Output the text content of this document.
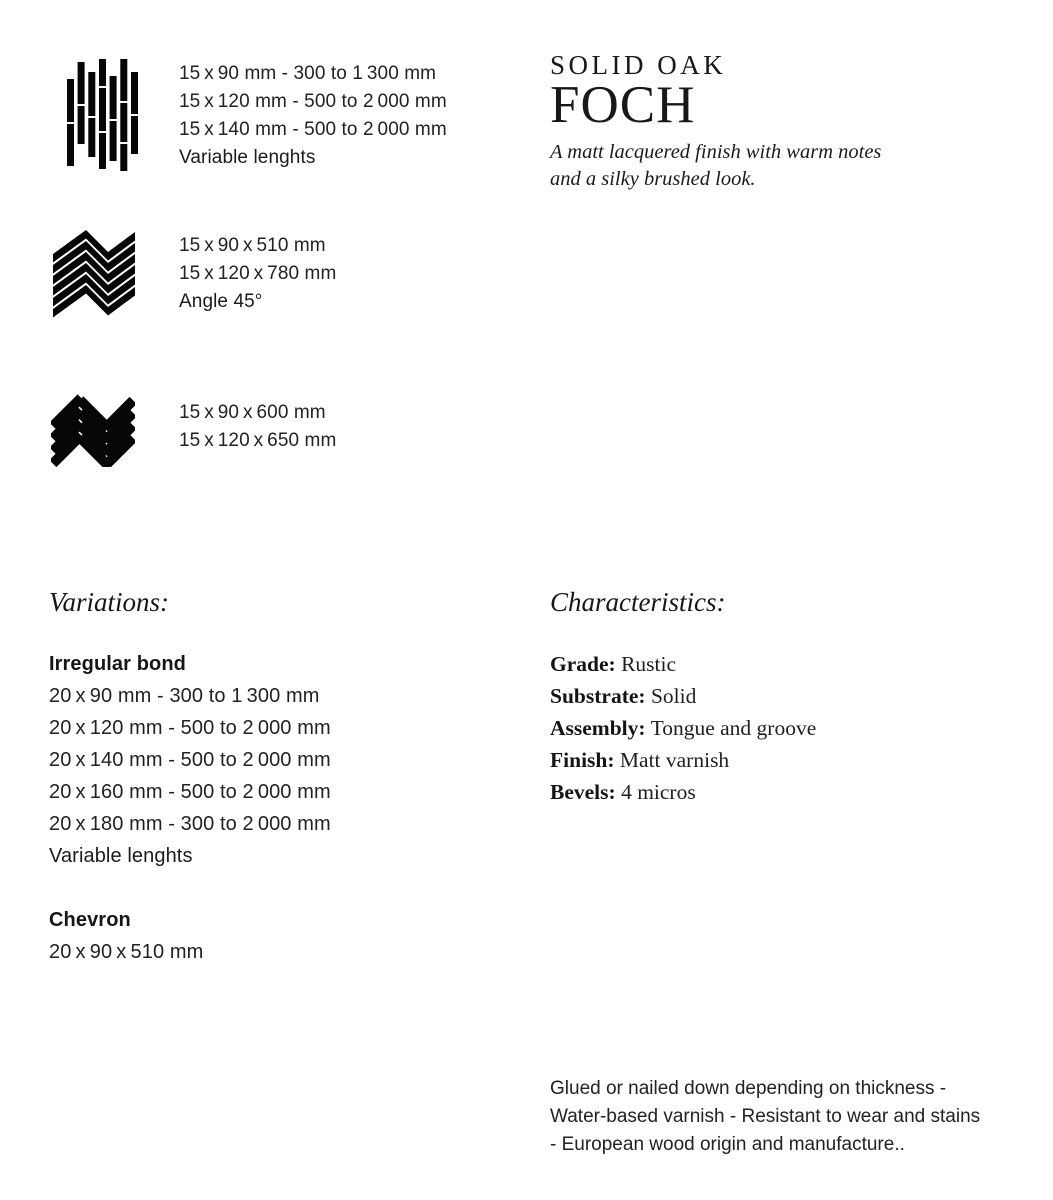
15 x 90 mm - 300 to 1 300 mm
15 x 120 mm - 500 to 2 000 mm
15 x 140 mm - 500 to 2 000 mm
Variable lenghts
15 x 90 x 510 mm
15 x 120 x 780 mm
Angle 45°
15 x 90 x 600 mm
15 x 120 x 650 mm
SOLID OAK
FOCH
A matt lacquered finish with warm notes
and a silky brushed look.
Variations:
Irregular bond
20 x 90 mm - 300 to 1 300 mm
20 x 120 mm - 500 to 2 000 mm
20 x 140 mm - 500 to 2 000 mm
20 x 160 mm - 500 to 2 000 mm
20 x 180 mm - 300 to 2 000 mm
Variable lenghts
Chevron
20 x 90 x 510 mm
Characteristics:
Grade: Rustic
Substrate: Solid
Assembly: Tongue and groove
Finish: Matt varnish
Bevels: 4 micros
Glued or nailed down depending on thickness -
Water-based varnish - Resistant to wear and stains
- European wood origin and manufacture..
